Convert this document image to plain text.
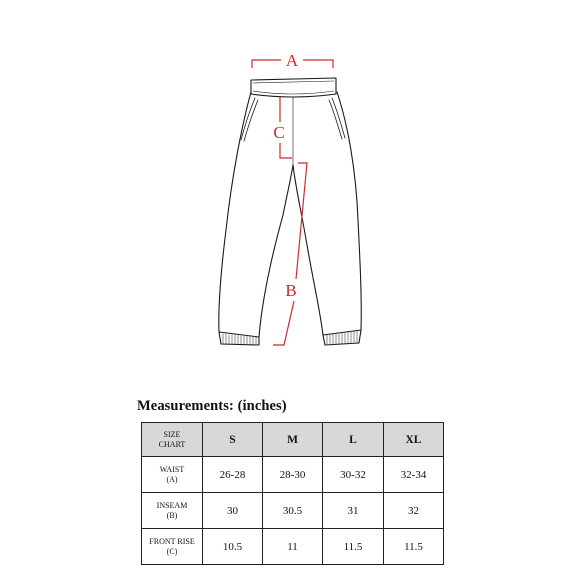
A
C
B
Measurements: (inches)
SIZE
CHART	S	M	L	XL

WAIST
(A)	26-28	28-30	30-32	32-34

INSEAM
(B)	30	30.5	31	32

FRONT RISE
(C)	10.5	11	11.5	11.5
